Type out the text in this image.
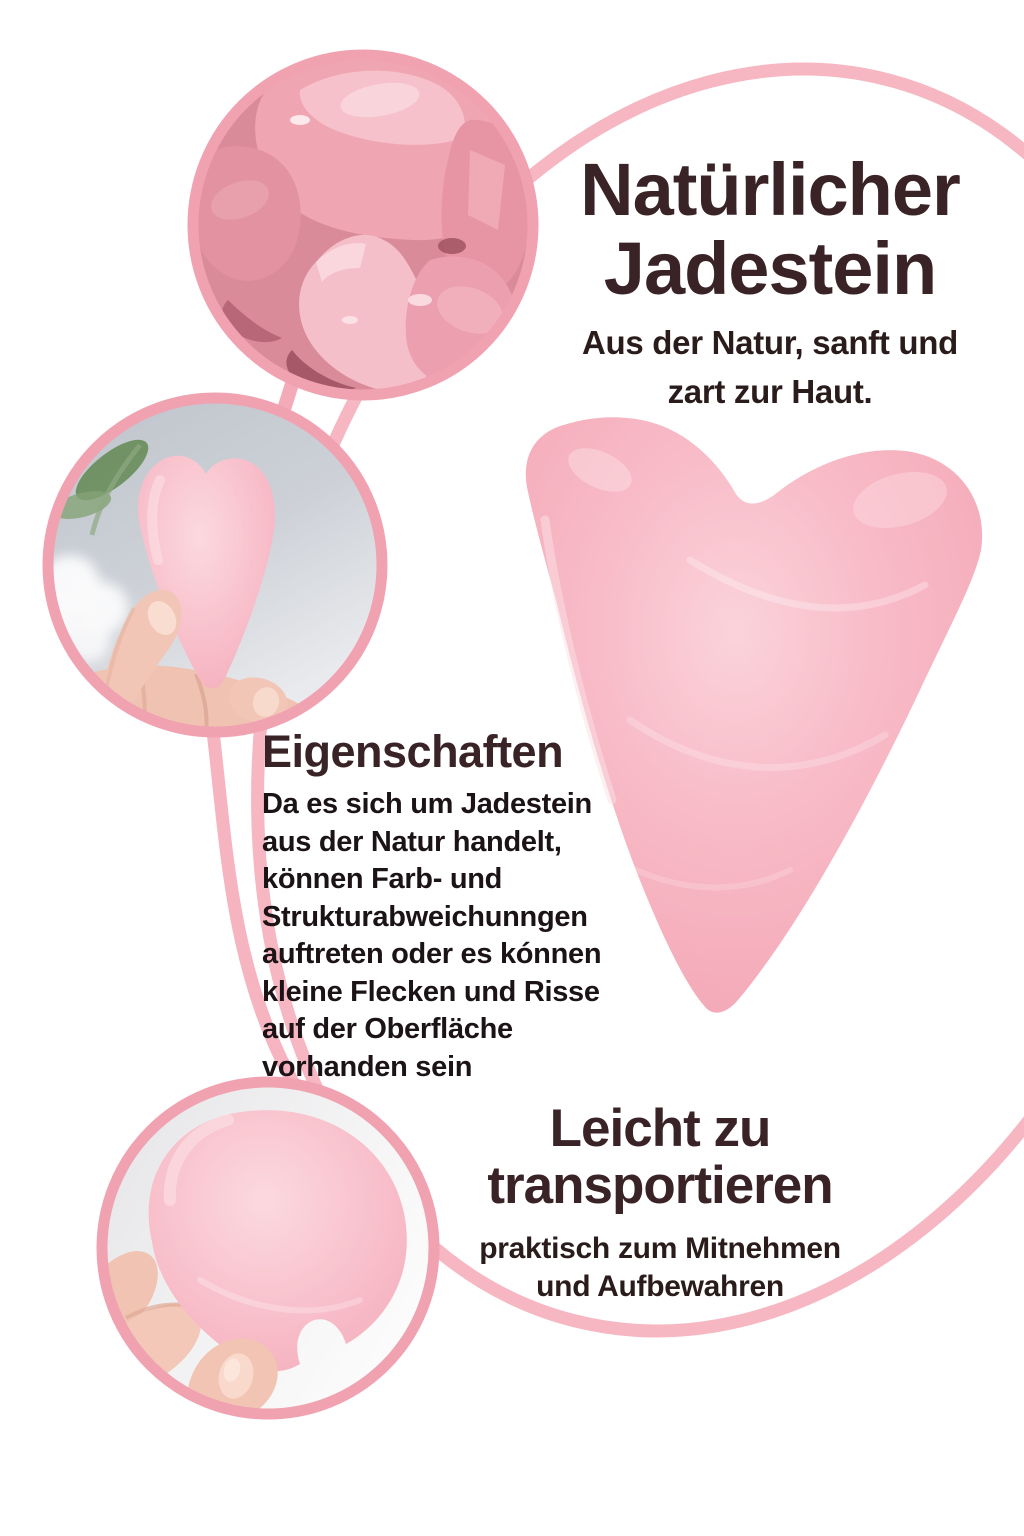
Natürlicher
Jadestein
Aus der Natur, sanft und
zart zur Haut.
Eigenschaften
Da es sich um Jadestein
aus der Natur handelt,
können Farb- und
Strukturabweichunngen
auftreten oder es kónnen
kleine Flecken und Risse
auf der Oberfläche
vorhanden sein
Leicht zu
transportieren
praktisch zum Mitnehmen
und Aufbewahren
